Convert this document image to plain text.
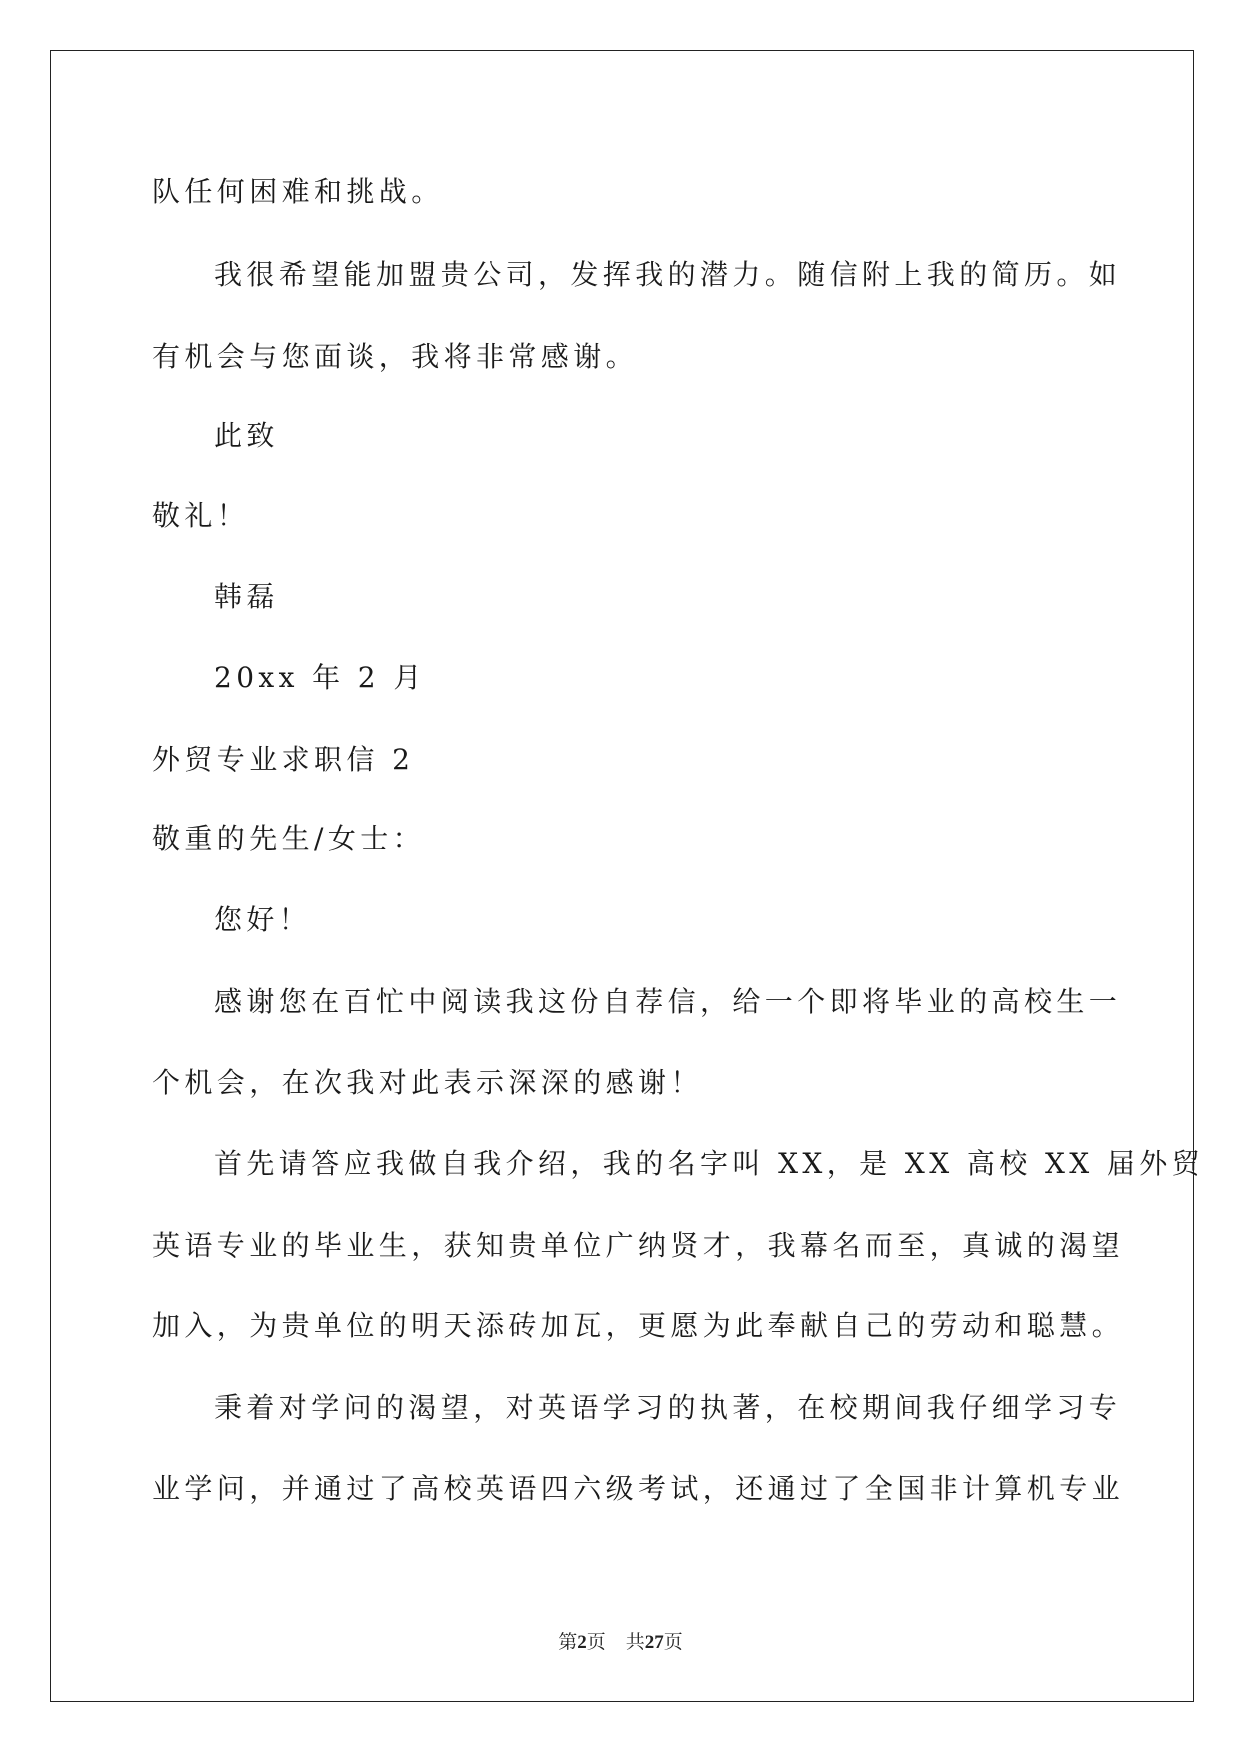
队任何困难和挑战。
我很希望能加盟贵公司，发挥我的潜力。随信附上我的简历。如
有机会与您面谈，我将非常感谢。
此致
敬礼！
韩磊
20xx 年 2 月
外贸专业求职信 2
敬重的先生/女士：
您好！
感谢您在百忙中阅读我这份自荐信，给一个即将毕业的高校生一
个机会，在次我对此表示深深的感谢！
首先请答应我做自我介绍，我的名字叫 XX，是 XX 高校 XX 届外贸
英语专业的毕业生，获知贵单位广纳贤才，我幕名而至，真诚的渴望
加入，为贵单位的明天添砖加瓦，更愿为此奉献自己的劳动和聪慧。
秉着对学问的渴望，对英语学习的执著，在校期间我仔细学习专
业学问，并通过了高校英语四六级考试，还通过了全国非计算机专业
第2页 共27页
